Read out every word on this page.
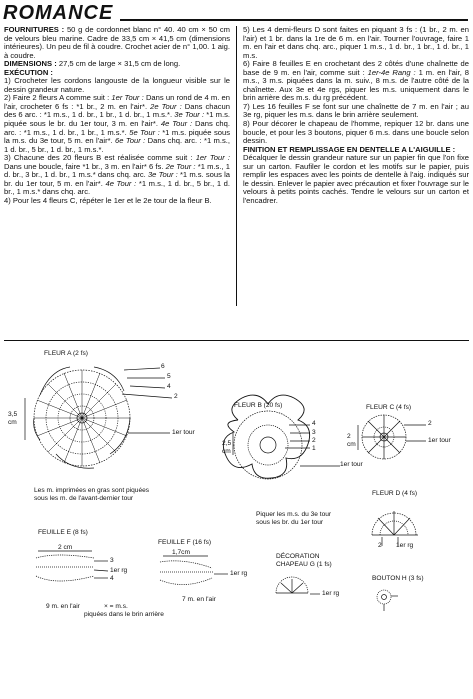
ROMANCE

FOURNITURES : 50 g de cordonnet blanc n° 40. 40 cm × 50 cm de velours bleu marine. Cadre de 33,5 cm × 41,5 cm (dimensions intérieures). Un peu de fil à coudre. Crochet acier de n° 1,00. 1 aig. à coudre.

DIMENSIONS : 27,5 cm de large × 31,5 cm de long.

EXÉCUTION :

1) Crocheter les cordons langouste de la longueur visible sur le dessin grandeur nature.

2) Faire 2 fleurs A comme suit : 1er Tour : Dans un rond de 4 m. en l'air, crocheter 6 fs : *1 br., 2 m. en l'air*. 2e Tour : Dans chacun des 6 arc. : *1 m.s., 1 d. br., 1 br., 1 d. br., 1 m.s.*. 3e Tour : *1 m.s. piquée sous le br. du 1er tour, 3 m. en l'air*. 4e Tour : Dans chq. arc. : *1 m.s., 1 d. br., 1 br., 1 m.s.*. 5e Tour : *1 m.s. piquée sous la m.s. du 3e tour, 5 m. en l'air*. 6e Tour : Dans chq. arc. : *1 m.s., 1 d. br., 5 br., 1 d. br., 1 m.s.*.

3) Chacune des 20 fleurs B est réalisée comme suit : 1er Tour : Dans une boucle, faire *1 br., 3 m. en l'air* 6 fs. 2e Tour : *1 m.s., 1 d. br., 3 br., 1 d. br., 1 m.s.* dans chq. arc. 3e Tour : *1 m.s. sous la br. du 1er tour, 5 m. en l'air*. 4e Tour : *1 m.s., 1 d. br., 5 br., 1 d. br., 1 m.s.* dans chq. arc.

4) Pour les 4 fleurs C, répéter le 1er et le 2e tour de la fleur B.

5) Les 4 demi-fleurs D sont faites en piquant 3 fs : (1 br., 2 m. en l'air) et 1 br. dans la 1re de 6 m. en l'air. Tourner l'ouvrage, faire 1 m. en l'air et dans chq. arc., piquer 1 m.s., 1 d. br., 1 br., 1 d. br., 1 m.s.

6) Faire 8 feuilles E en crochetant des 2 côtés d'une chaînette de base de 9 m. en l'air, comme suit : 1er-4e Rang : 1 m. en l'air, 8 m.s., 3 m.s. piquées dans la m. suiv., 8 m.s. de l'autre côté de la chaînette. Aux 3e et 4e rgs, piquer les m.s. uniquement dans le brin arrière des m.s. du rg précédent.

7) Les 16 feuilles F se font sur une chaînette de 7 m. en l'air ; au 3e rg, piquer les m.s. dans le brin arrière seulement.

8) Pour décorer le chapeau de l'homme, repiquer 12 br. dans une boucle, et pour les 3 boutons, piquer 6 m.s. dans une boucle selon dessin.

FINITION ET REMPLISSAGE EN DENTELLE A L'AIGUILLE :

Décalquer le dessin grandeur nature sur un papier fin que l'on fixe sur un carton. Faufiler le cordon et les motifs sur le papier, puis remplir les espaces avec les points de dentelle à l'aig. indiqués sur le dessin. Enlever le papier avec précaution et fixer l'ouvrage sur le velours à petits points cachés. Tendre le velours sur un carton et l'encadrer.

FLEUR A (2 fs)
6
5
4
2
1er tour
3,5 cm
Les m. imprimées en gras sont piquées
sous les m. de l'avant-dernier tour
FLEUR B (20 fs)
4
3
2
1
1er tour
2,5 cm
Piquer les m.s. du 3e tour
sous les br. du 1er tour
FLEUR C (4 fs)
2
1er tour
2 cm
FLEUR D (4 fs)
2 1er rg
FEUILLE E (8 fs)
2 cm
3
1er rg
4
9 m. en l'air	× = m.s.
piquées dans le brin arrière
FEUILLE F (16 fs)
1,7cm
1er rg
7 m. en l'air
DÉCORATION
CHAPEAU G (1 fs)
1er rg
BOUTON H (3 fs)
